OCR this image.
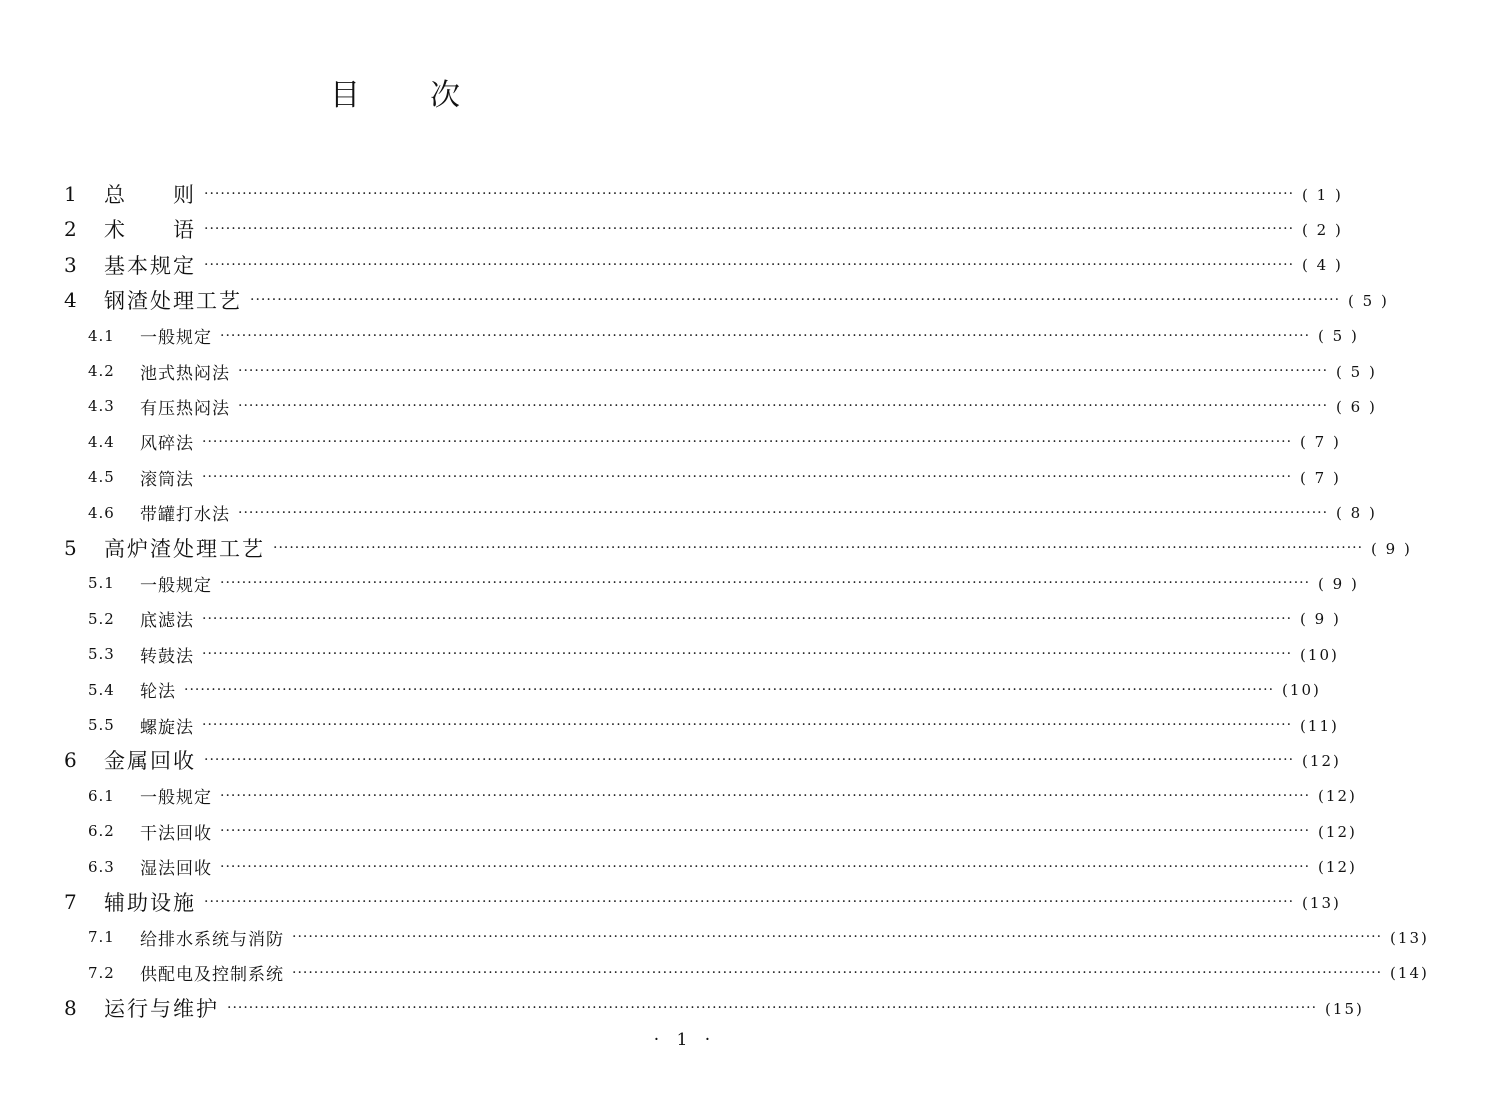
目 次
1	总　　则 ········································································································································································································ ( 1 )
2	术　　语 ········································································································································································································ ( 2 )
3	基本规定 ········································································································································································································ ( 4 )
4	钢渣处理工艺 ········································································································································································································ ( 5 )
4.1	一般规定 ········································································································································································································ ( 5 )
4.2	池式热闷法 ········································································································································································································ ( 5 )
4.3	有压热闷法 ········································································································································································································ ( 6 )
4.4	风碎法 ········································································································································································································ ( 7 )
4.5	滚筒法 ········································································································································································································ ( 7 )
4.6	带罐打水法 ········································································································································································································ ( 8 )
5	高炉渣处理工艺 ········································································································································································································ ( 9 )
5.1	一般规定 ········································································································································································································ ( 9 )
5.2	底滤法 ········································································································································································································ ( 9 )
5.3	转鼓法 ········································································································································································································ (10)
5.4	轮法 ········································································································································································································ (10)
5.5	螺旋法 ········································································································································································································ (11)
6	金属回收 ········································································································································································································ (12)
6.1	一般规定 ········································································································································································································ (12)
6.2	干法回收 ········································································································································································································ (12)
6.3	湿法回收 ········································································································································································································ (12)
7	辅助设施 ········································································································································································································ (13)
7.1	给排水系统与消防 ········································································································································································································ (13)
7.2	供配电及控制系统 ········································································································································································································ (14)
8	运行与维护 ········································································································································································································ (15)
· 1 ·
